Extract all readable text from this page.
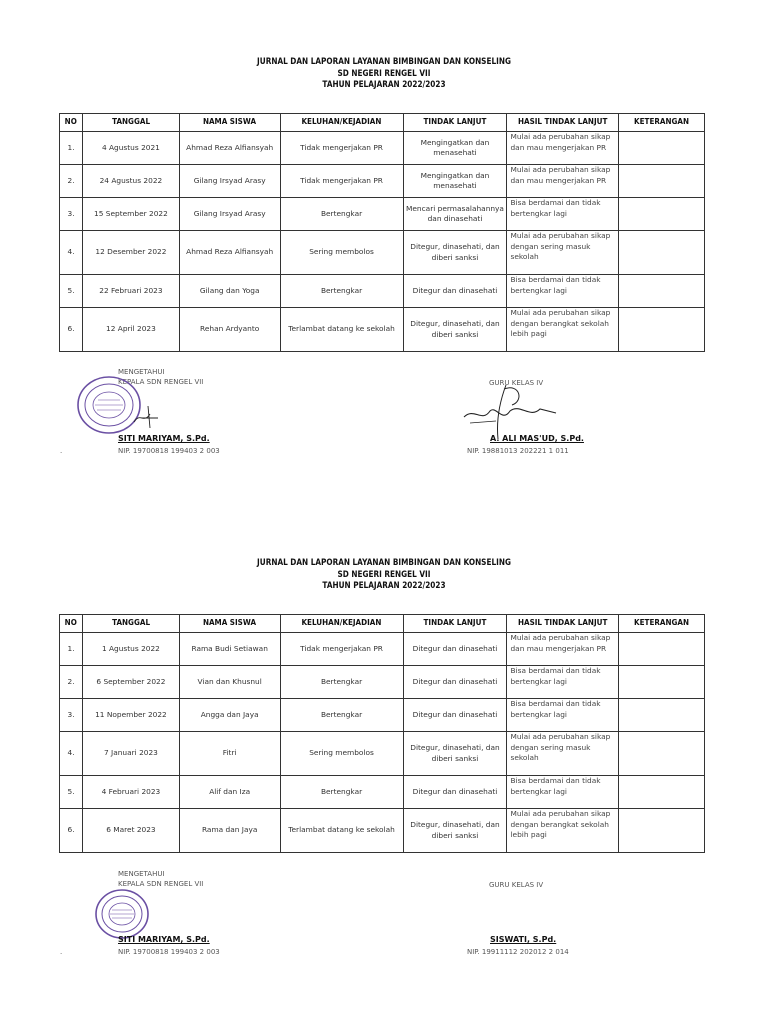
JURNAL DAN LAPORAN LAYANAN BIMBINGAN DAN KONSELING
SD NEGERI RENGEL VII
TAHUN PELAJARAN 2022/2023
NO	TANGGAL	NAMA SISWA	KELUHAN/KEJADIAN	TINDAK LANJUT	HASIL TINDAK LANJUT	KETERANGAN
1.	4 Agustus 2021	Ahmad Reza Alfiansyah	Tidak mengerjakan PR	Mengingatkan dan menasehati	Mulai ada perubahan sikap dan mau mengerjakan PR	
2.	24 Agustus 2022	Gilang Irsyad Arasy	Tidak mengerjakan PR	Mengingatkan dan menasehati	Mulai ada perubahan sikap dan mau mengerjakan PR	
3.	15 September 2022	Gilang Irsyad Arasy	Bertengkar	Mencari permasalahannya dan dinasehati	Bisa berdamai dan tidak bertengkar lagi	
4.	12 Desember 2022	Ahmad Reza Alfiansyah	Sering membolos	Ditegur, dinasehati, dan diberi sanksi	Mulai ada perubahan sikap dengan sering masuk sekolah	
5.	22 Februari 2023	Gilang dan Yoga	Bertengkar	Ditegur dan dinasehati	Bisa berdamai dan tidak bertengkar lagi	
6.	12 April 2023	Rehan Ardyanto	Terlambat datang ke sekolah	Ditegur, dinasehati, dan diberi sanksi	Mulai ada perubahan sikap dengan berangkat sekolah lebih pagi	
MENGETAHUI
KEPALA SDN RENGEL VII	GURU KELAS IV
SITI MARIYAM, S.Pd.
NIP. 19700818 199403 2 003
A. ALI MAS'UD, S.Pd.
NIP. 19881013 202221 1 011
.
JURNAL DAN LAPORAN LAYANAN BIMBINGAN DAN KONSELING
SD NEGERI RENGEL VII
TAHUN PELAJARAN 2022/2023
NO	TANGGAL	NAMA SISWA	KELUHAN/KEJADIAN	TINDAK LANJUT	HASIL TINDAK LANJUT	KETERANGAN
1.	1 Agustus 2022	Rama Budi Setiawan	Tidak mengerjakan PR	Ditegur dan dinasehati	Mulai ada perubahan sikap dan mau mengerjakan PR	
2.	6 September 2022	Vian dan Khusnul	Bertengkar	Ditegur dan dinasehati	Bisa berdamai dan tidak bertengkar lagi	
3.	11 Nopember 2022	Angga dan Jaya	Bertengkar	Ditegur dan dinasehati	Bisa berdamai dan tidak bertengkar lagi	
4.	7 Januari 2023	Fitri	Sering membolos	Ditegur, dinasehati, dan diberi sanksi	Mulai ada perubahan sikap dengan sering masuk sekolah	
5.	4 Februari 2023	Alif dan Iza	Bertengkar	Ditegur dan dinasehati	Bisa berdamai dan tidak bertengkar lagi	
6.	6 Maret 2023	Rama dan Jaya	Terlambat datang ke sekolah	Ditegur, dinasehati, dan diberi sanksi	Mulai ada perubahan sikap dengan berangkat sekolah lebih pagi	
MENGETAHUI
KEPALA SDN RENGEL VII	GURU KELAS IV
SITI MARIYAM, S.Pd.
NIP. 19700818 199403 2 003
SISWATI, S.Pd.
NIP. 19911112 202012 2 014
.
